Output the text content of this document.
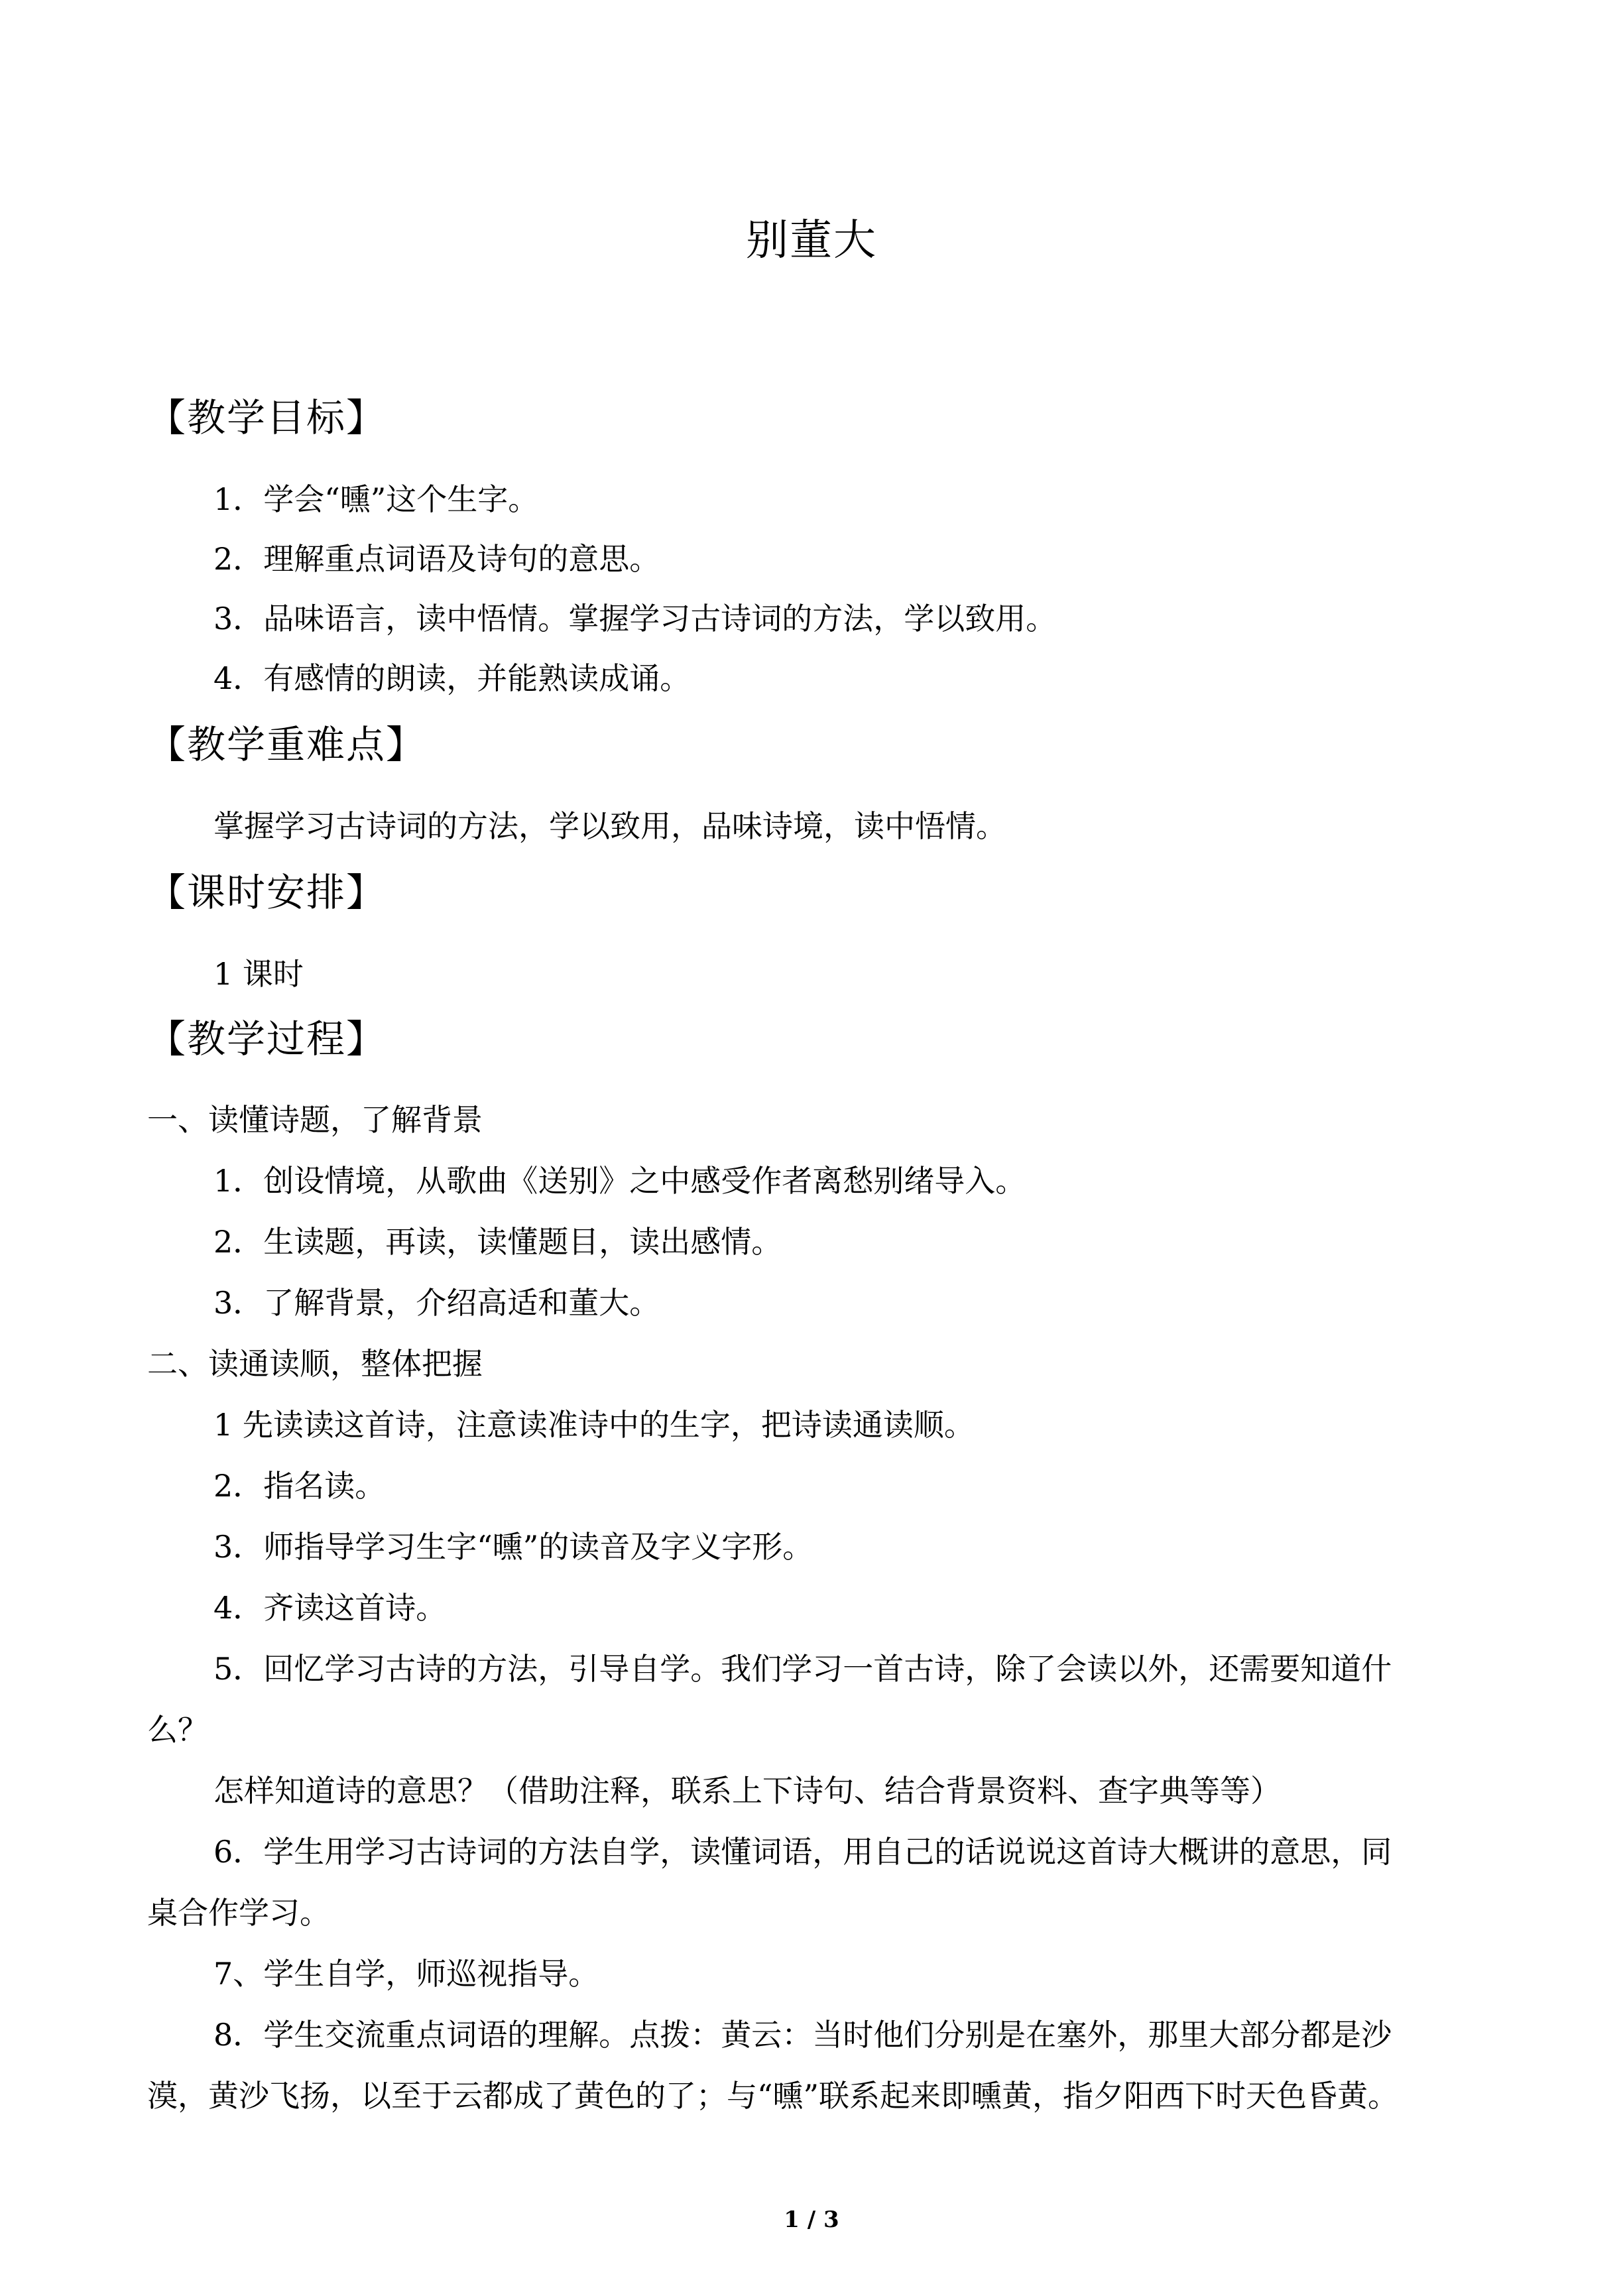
别董大
【教学目标】
1．学会“曛”这个生字。
2．理解重点词语及诗句的意思。
3．品味语言，读中悟情。掌握学习古诗词的方法，学以致用。
4．有感情的朗读，并能熟读成诵。
【教学重难点】
掌握学习古诗词的方法，学以致用，品味诗境，读中悟情。
【课时安排】
1 课时
【教学过程】
一、读懂诗题，了解背景
1．创设情境，从歌曲《送别》之中感受作者离愁别绪导入。
2．生读题，再读，读懂题目，读出感情。
3．了解背景，介绍高适和董大。
二、读通读顺，整体把握
1 先读读这首诗，注意读准诗中的生字，把诗读通读顺。
2．指名读。
3．师指导学习生字“曛”的读音及字义字形。
4．齐读这首诗。
5．回忆学习古诗的方法，引导自学。我们学习一首古诗，除了会读以外，还需要知道什
么？
怎样知道诗的意思？（借助注释，联系上下诗句、结合背景资料、查字典等等）
6．学生用学习古诗词的方法自学，读懂词语，用自己的话说说这首诗大概讲的意思，同
桌合作学习。
7、学生自学，师巡视指导。
8．学生交流重点词语的理解。点拨：黄云：当时他们分别是在塞外，那里大部分都是沙
漠，黄沙飞扬，以至于云都成了黄色的了；与“曛”联系起来即曛黄，指夕阳西下时天色昏黄。
1 / 3
